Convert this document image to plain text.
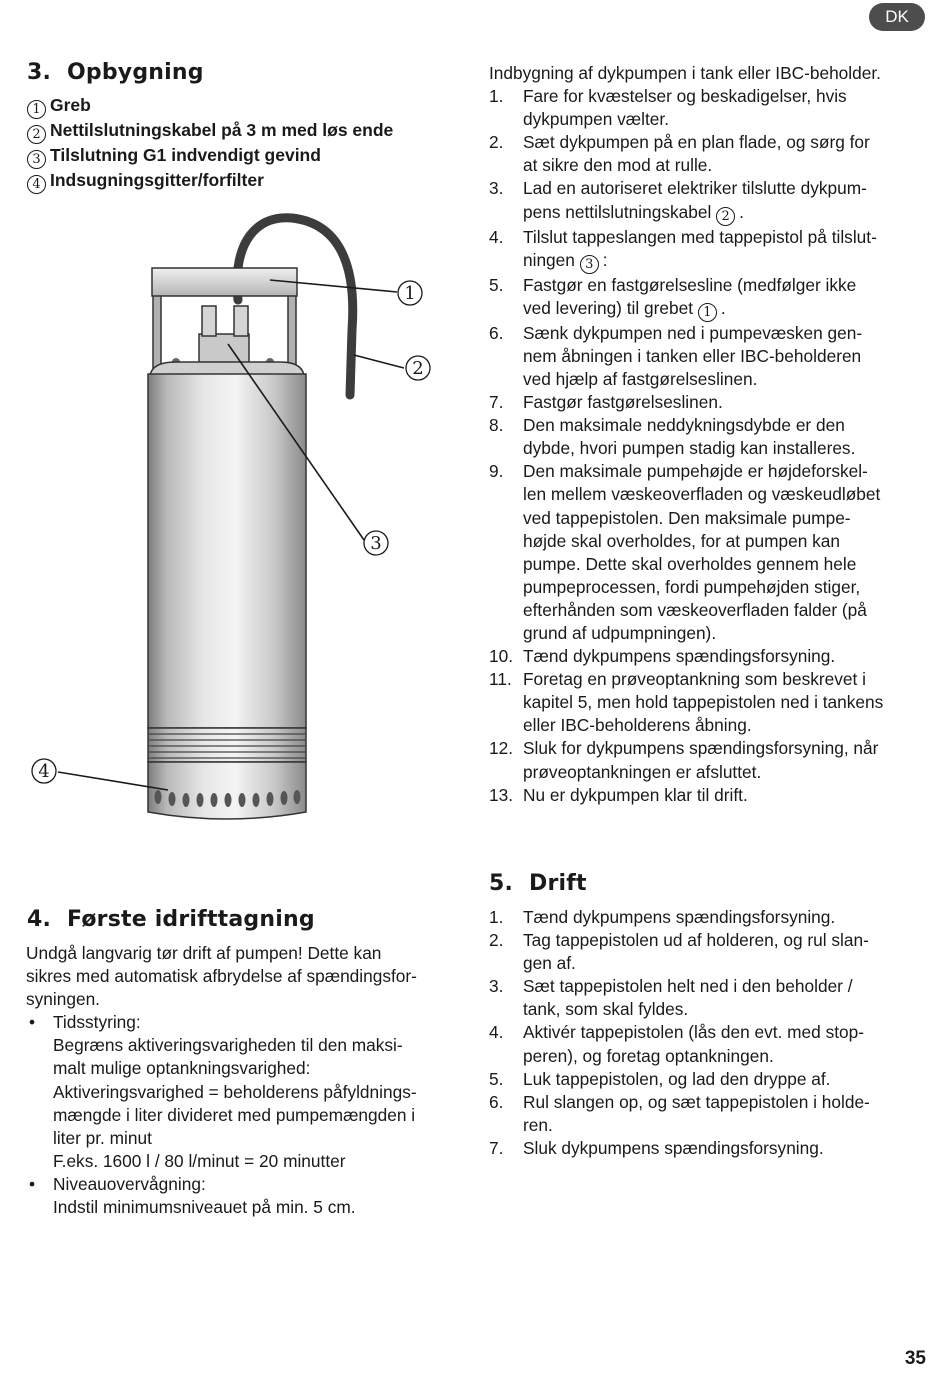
DK
3. Opbygning
1 Greb
2 Nettilslutningskabel på 3 m med løs ende
3 Tilslutning G1 indvendigt gevind
4 Indsugningsgitter/forfilter
1
2
3
4
Indbygning af dykpumpen i tank eller IBC-beholder.
1. Fare for kvæstelser og beskadigelser, hvis
dykpumpen vælter.
2. Sæt dykpumpen på en plan flade, og sørg for
at sikre den mod at rulle.
3. Lad en autoriseret elektriker tilslutte dykpum-
pens nettilslutningskabel 2 .
4. Tilslut tappeslangen med tappepistol på tilslut-
ningen 3 :
5. Fastgør en fastgørelsesline (medfølger ikke
ved levering) til grebet 1 .
6. Sænk dykpumpen ned i pumpevæsken gen-
nem åbningen i tanken eller IBC-beholderen
ved hjælp af fastgørelseslinen.
7. Fastgør fastgørelseslinen.
8. Den maksimale neddykningsdybde er den
dybde, hvori pumpen stadig kan installeres.
9. Den maksimale pumpehøjde er højdeforskel-
len mellem væskeoverfladen og væskeudløbet
ved tappepistolen. Den maksimale pumpe-
højde skal overholdes, for at pumpen kan
pumpe. Dette skal overholdes gennem hele
pumpeprocessen, fordi pumpehøjden stiger,
efterhånden som væskeoverfladen falder (på
grund af udpumpningen).
10. Tænd dykpumpens spændingsforsyning.
11. Foretag en prøveoptankning som beskrevet i
kapitel 5, men hold tappepistolen ned i tankens
eller IBC-beholderens åbning.
12. Sluk for dykpumpens spændingsforsyning, når
prøveoptankningen er afsluttet.
13. Nu er dykpumpen klar til drift.
4. Første idrifttagning
Undgå langvarig tør drift af pumpen! Dette kan
sikres med automatisk afbrydelse af spændingsfor-
syningen.
• Tidsstyring:
Begræns aktiveringsvarigheden til den maksi-
malt mulige optankningsvarighed:
Aktiveringsvarighed = beholderens påfyldnings-
mængde i liter divideret med pumpemængden i
liter pr. minut
F.eks. 1600 l / 80 l/minut = 20 minutter
• Niveauovervågning:
Indstil minimumsniveauet på min. 5 cm.
5. Drift
1. Tænd dykpumpens spændingsforsyning.
2. Tag tappepistolen ud af holderen, og rul slan-
gen af.
3. Sæt tappepistolen helt ned i den beholder /
tank, som skal fyldes.
4. Aktivér tappepistolen (lås den evt. med stop-
peren), og foretag optankningen.
5. Luk tappepistolen, og lad den dryppe af.
6. Rul slangen op, og sæt tappepistolen i holde-
ren.
7. Sluk dykpumpens spændingsforsyning.
35
